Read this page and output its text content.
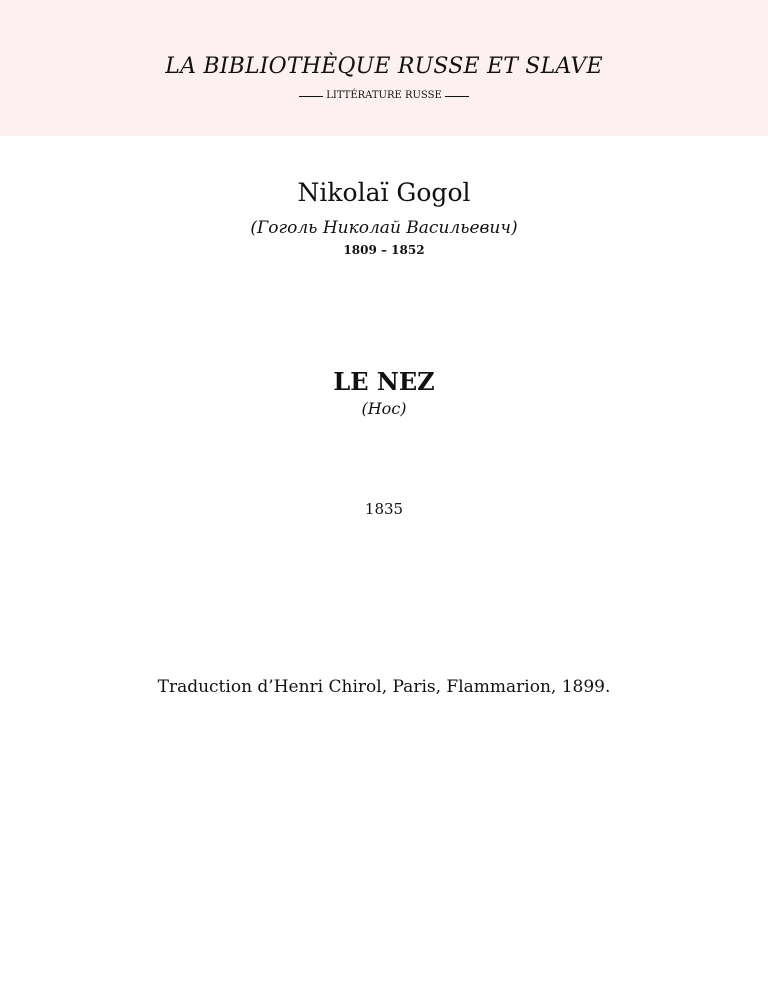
LA BIBLIOTHÈQUE RUSSE ET SLAVE
LITTÉRATURE RUSSE
Nikolaï Gogol
(Гоголь Николай Васильевич)
1809 – 1852
LE NEZ
(Нос)
1835
Traduction d’Henri Chirol, Paris, Flammarion, 1899.
